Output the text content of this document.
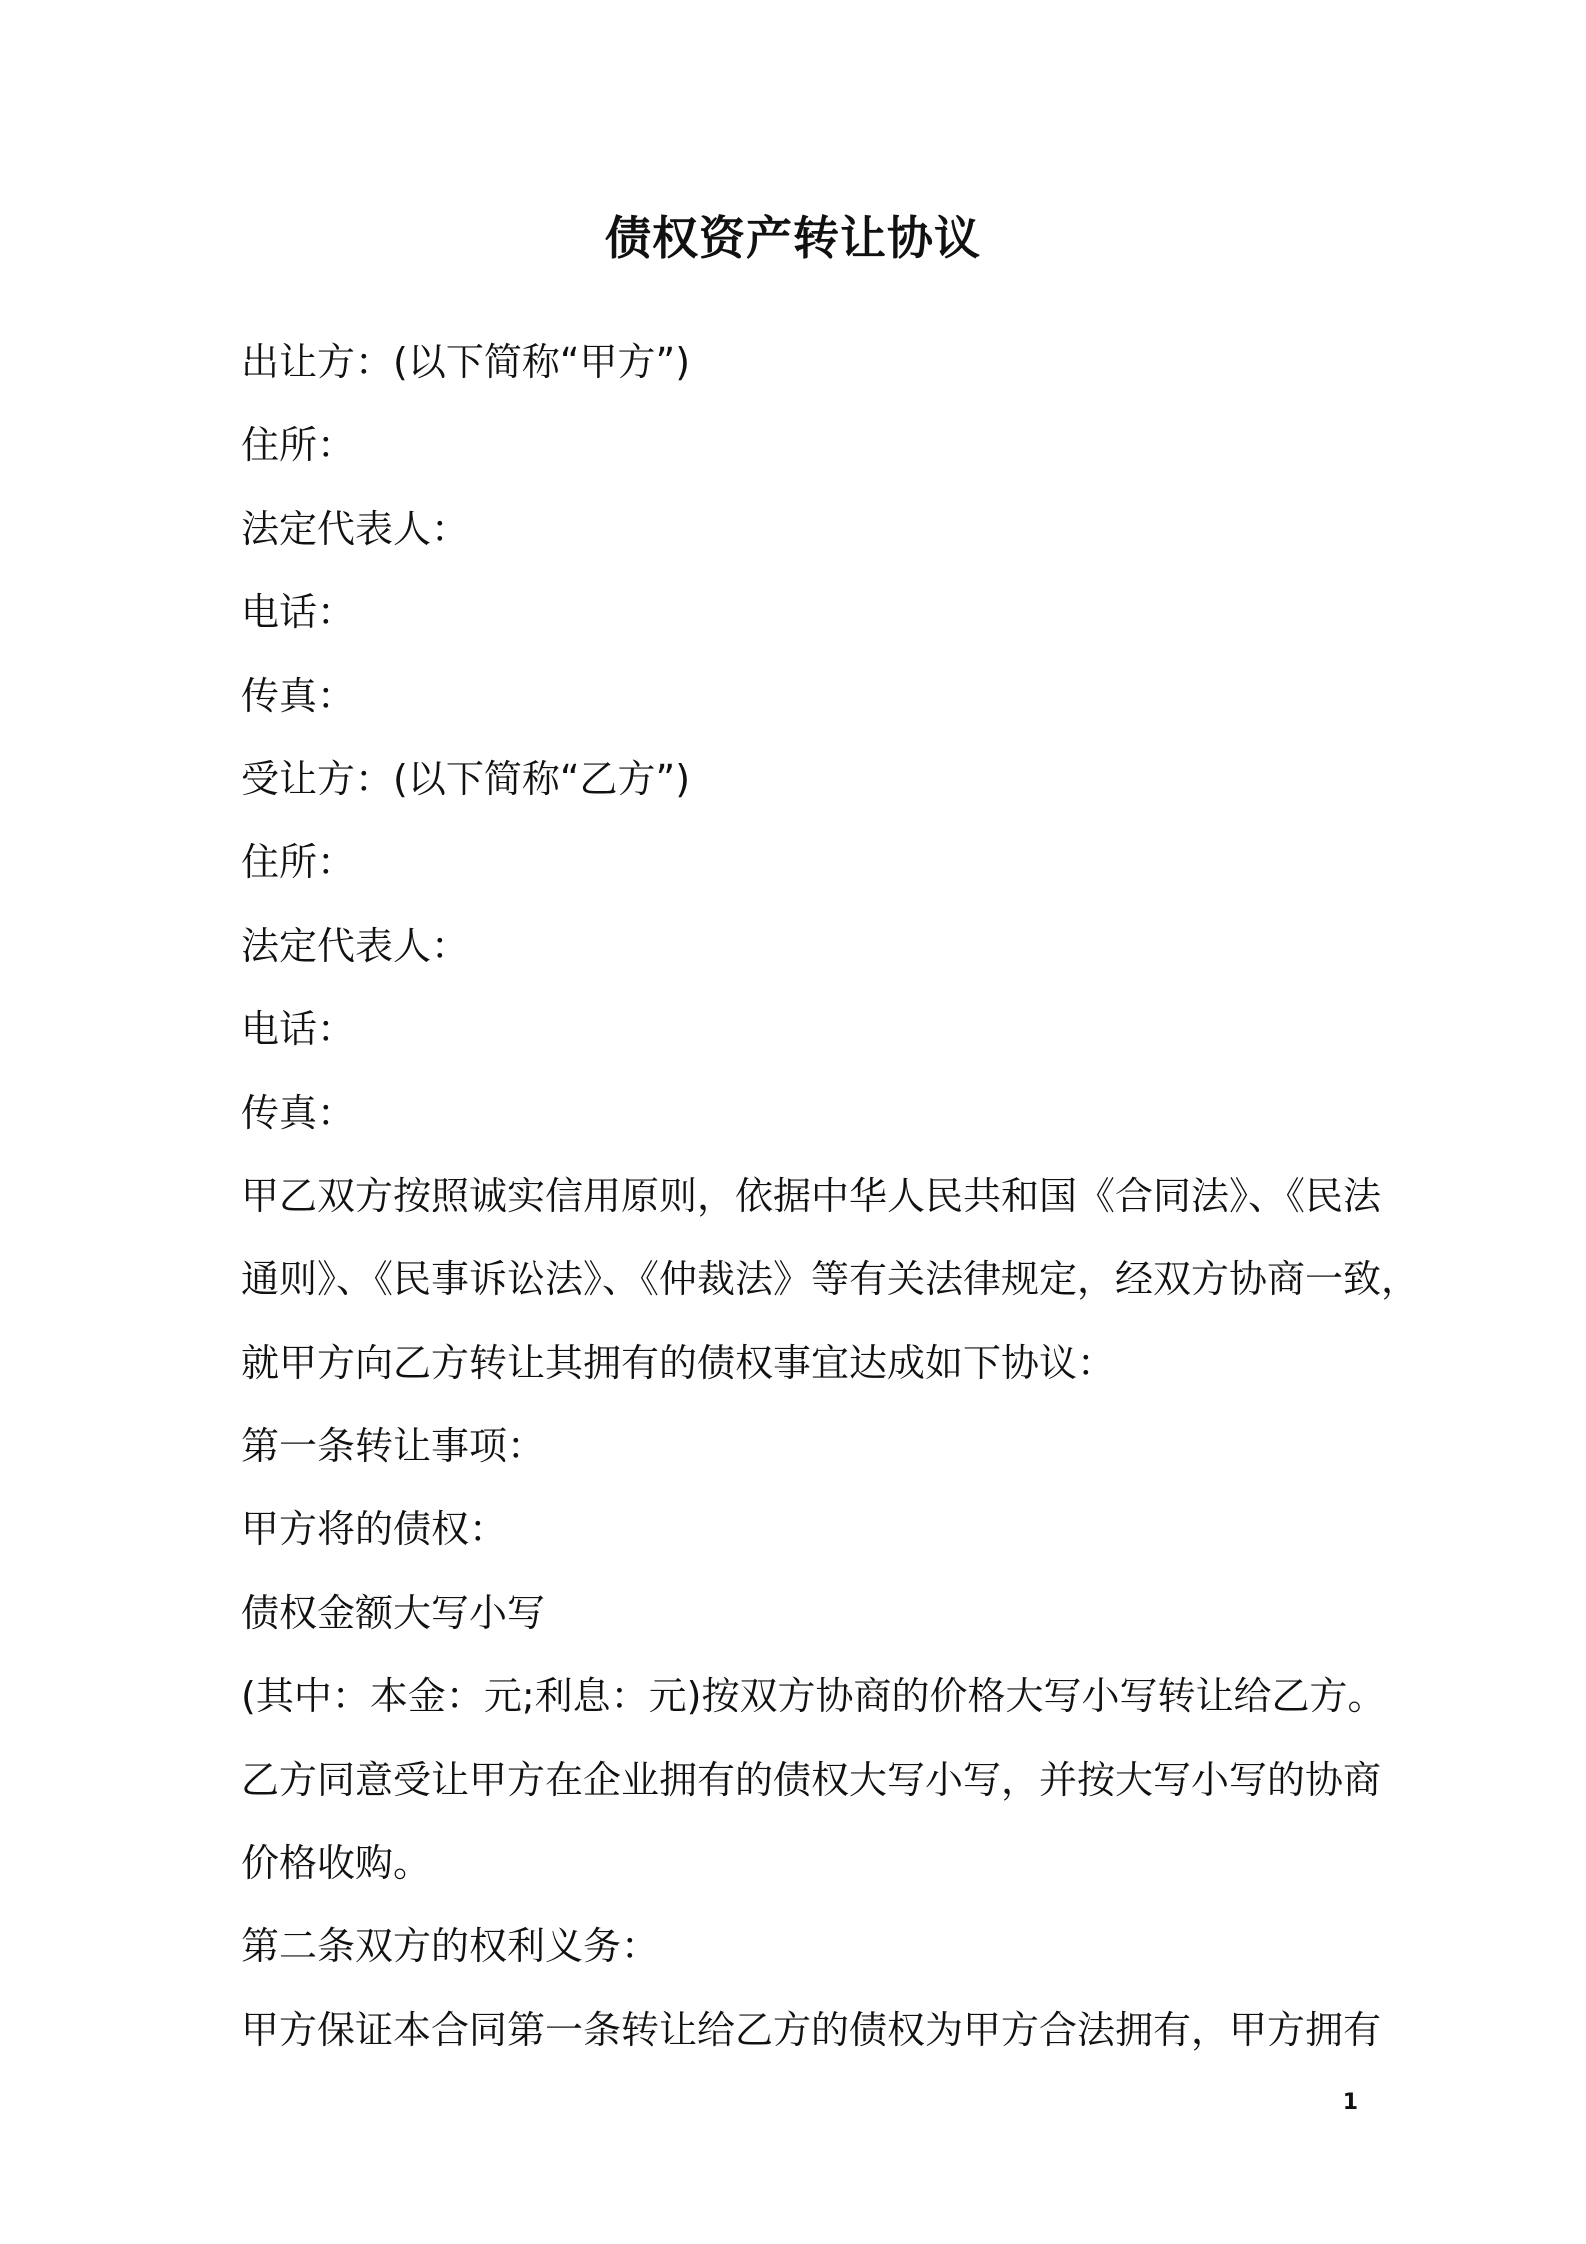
债权资产转让协议
出让方：(以下简称“甲方”)
住所：
法定代表人：
电话：
传真：
受让方：(以下简称“乙方”)
住所：
法定代表人：
电话：
传真：
甲乙双方按照诚实信用原则，依据中华人民共和国《合同法》、《民法
通则》、《民事诉讼法》、《仲裁法》等有关法律规定，经双方协商一致，
就甲方向乙方转让其拥有的债权事宜达成如下协议：
第一条转让事项：
甲方将的债权：
债权金额大写小写
(其中：本金：元;利息：元)按双方协商的价格大写小写转让给乙方。
乙方同意受让甲方在企业拥有的债权大写小写，并按大写小写的协商
价格收购。
第二条双方的权利义务：
甲方保证本合同第一条转让给乙方的债权为甲方合法拥有，甲方拥有
1
